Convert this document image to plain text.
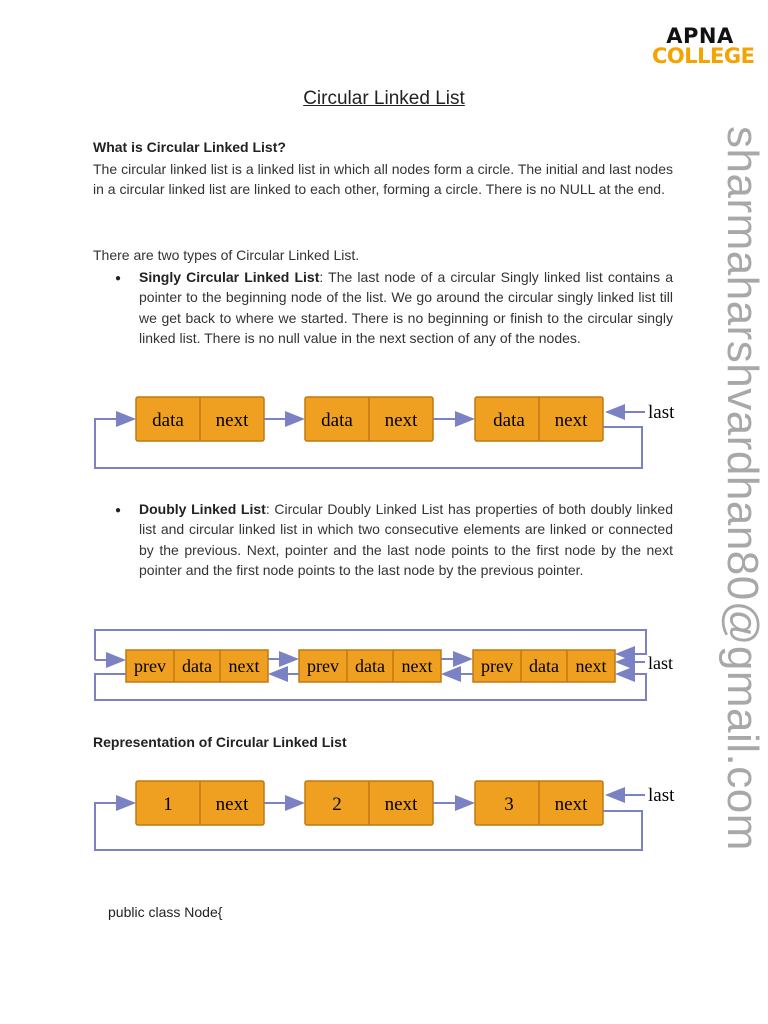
APNA
COLLEGE
Circular Linked List
What is Circular Linked List?
The circular linked list is a linked list in which all nodes form a circle. The initial and last nodes in a circular linked list are linked to each other, forming a circle. There is no NULL at the end.
There are two types of Circular Linked List.
● Singly Circular Linked List: The last node of a circular Singly linked list contains a pointer to the beginning node of the list. We go around the circular singly linked list till we get back to where we started. There is no beginning or finish to the circular singly linked list. There is no null value in the next section of any of the nodes.
data next	data next	data next	last
● Doubly Linked List: Circular Doubly Linked List has properties of both doubly linked list and circular linked list in which two consecutive elements are linked or connected by the previous. Next, pointer and the last node points to the first node by the next pointer and the first node points to the last node by the previous pointer.
prev data next	prev data next	prev data next last
Representation of Circular Linked List
1 next	2 next	3 next	last
public class Node{
sharmaharshvardhan80@gmail.com
